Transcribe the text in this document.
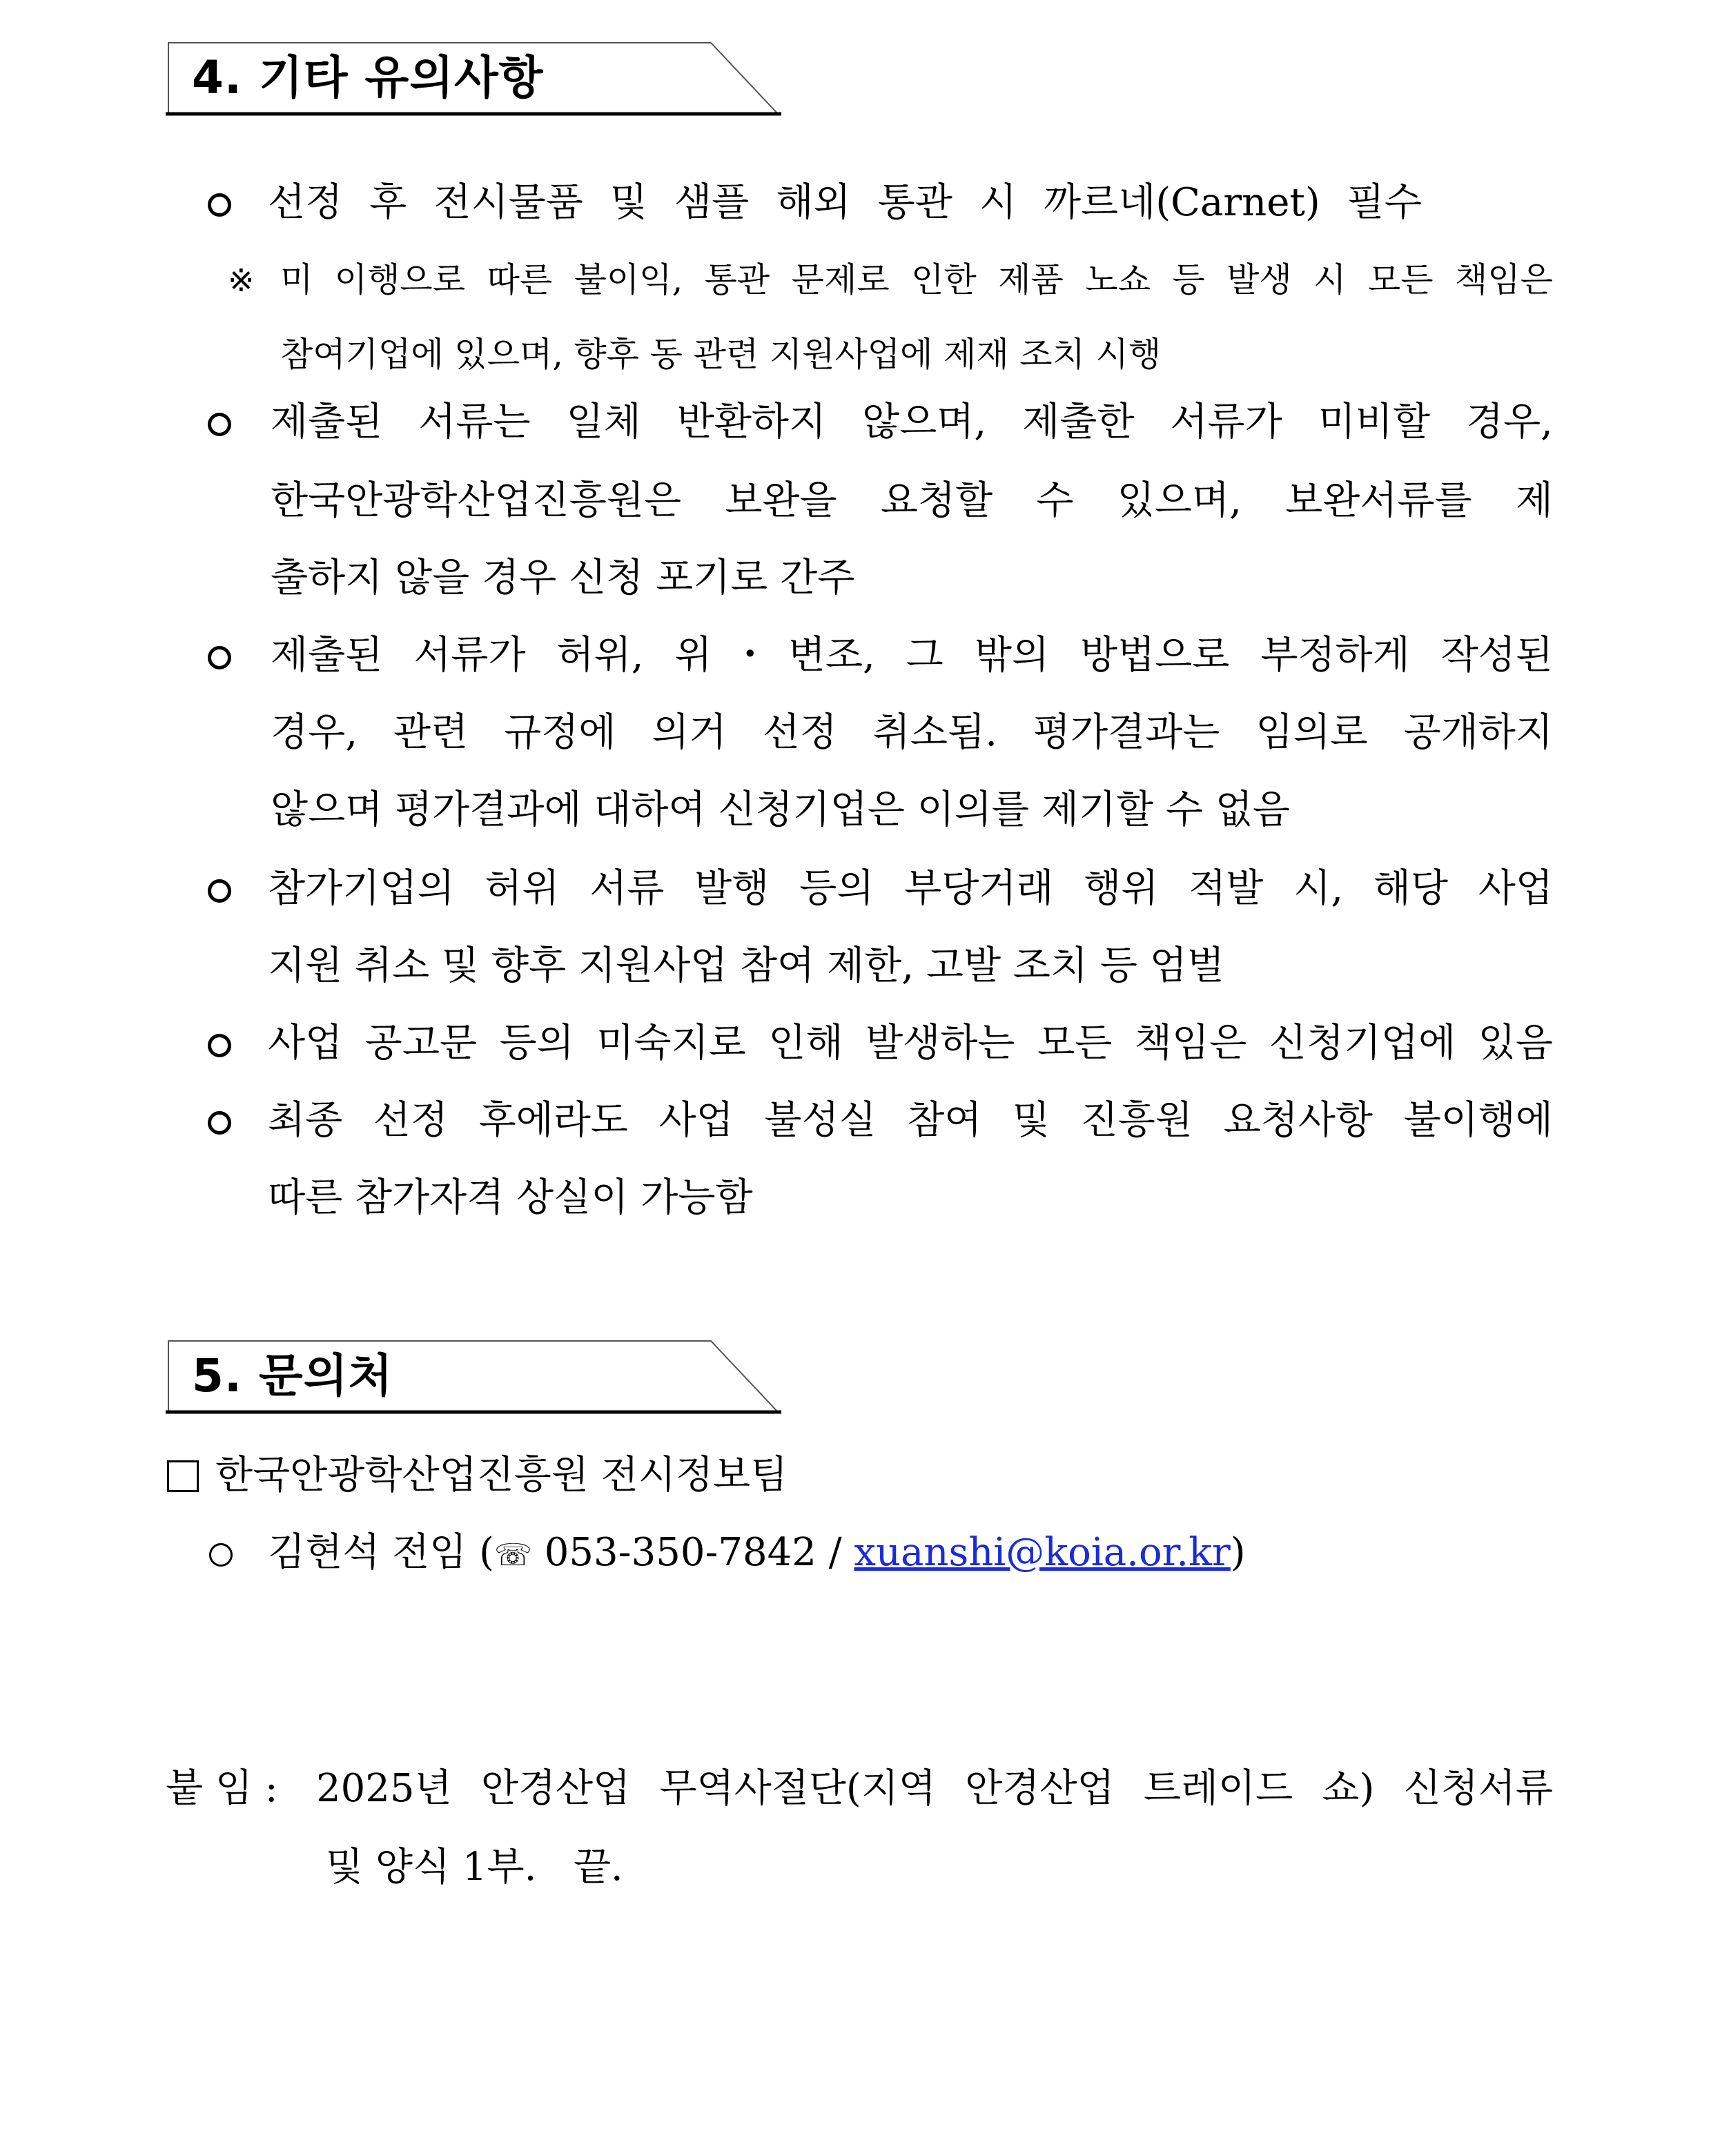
4. 기타 유의사항
선정 후 전시물품 및 샘플 해외 통관 시 까르네(Carnet) 필수
※ 미 이행으로 따른 불이익, 통관 문제로 인한 제품 노쇼 등 발생 시 모든 책임은
참여기업에 있으며, 향후 동 관련 지원사업에 제재 조치 시행
제출된 서류는 일체 반환하지 않으며, 제출한 서류가 미비할 경우,
한국안광학산업진흥원은 보완을 요청할 수 있으며, 보완서류를 제
출하지 않을 경우 신청 포기로 간주
제출된 서류가 허위, 위・변조, 그 밖의 방법으로 부정하게 작성된
경우, 관련 규정에 의거 선정 취소됨. 평가결과는 임의로 공개하지
않으며 평가결과에 대하여 신청기업은 이의를 제기할 수 없음
참가기업의 허위 서류 발행 등의 부당거래 행위 적발 시, 해당 사업
지원 취소 및 향후 지원사업 참여 제한, 고발 조치 등 엄벌
사업 공고문 등의 미숙지로 인해 발생하는 모든 책임은 신청기업에 있음
최종 선정 후에라도 사업 불성실 참여 및 진흥원 요청사항 불이행에
따른 참가자격 상실이 가능함
5. 문의처
한국안광학산업진흥원 전시정보팀
김현석 전임 (☏ 053-350-7842 / xuanshi@koia.or.kr)
붙 임 : 2025년 안경산업 무역사절단(지역 안경산업 트레이드 쇼) 신청서류
및 양식 1부.   끝.
